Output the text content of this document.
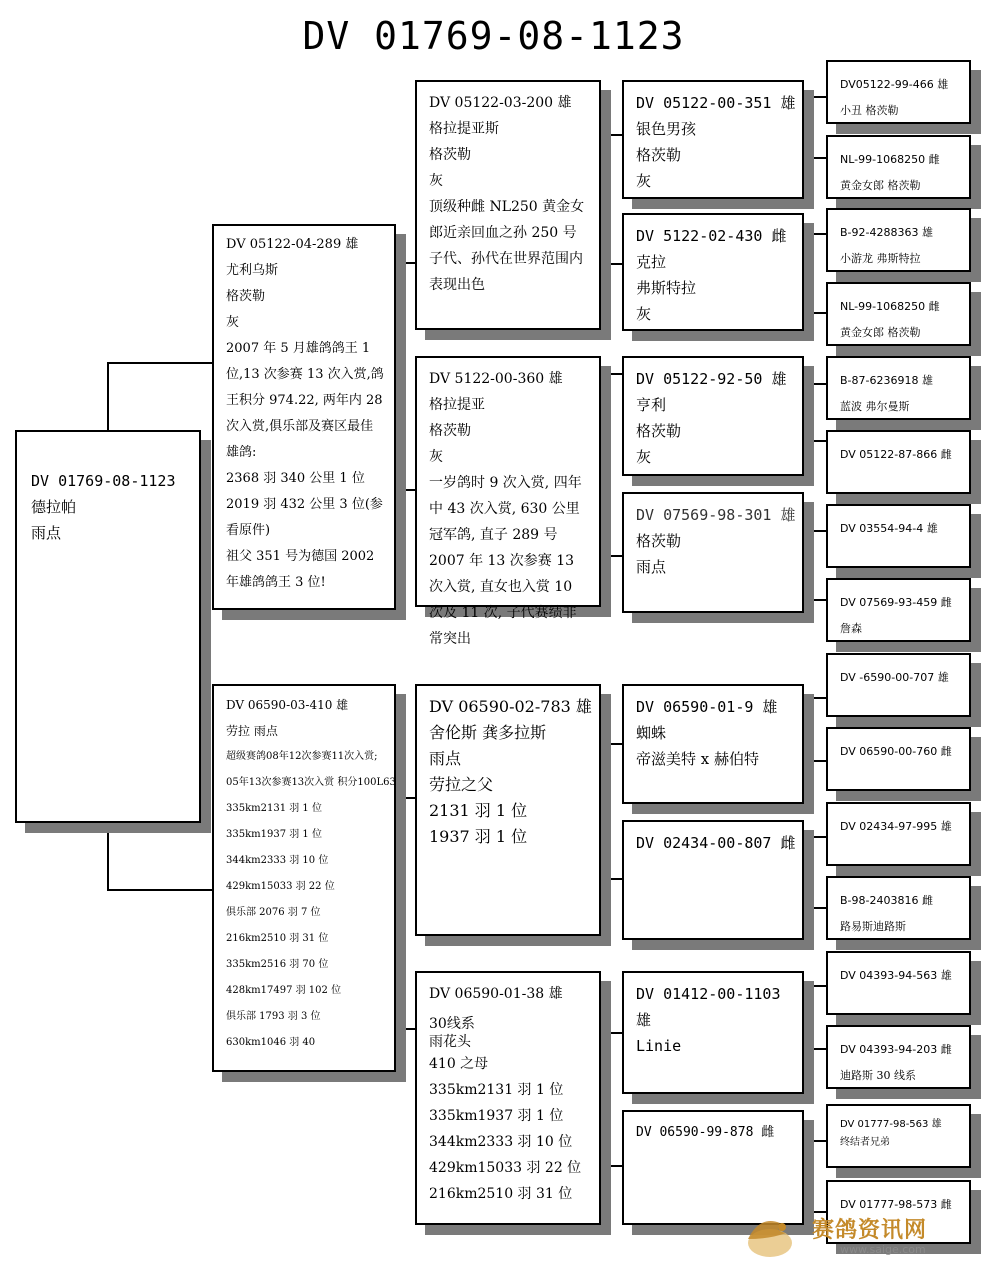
DV 01769-08-1123
DV 01769-08-1123
德拉帕
雨点
DV 05122-04-289 雄
尤利乌斯
格茨勒
灰
2007 年 5 月雄鸽鸽王 1 位,13 次参赛 13 次入赏,鸽王积分 974.22, 两年内 28 次入赏,俱乐部及赛区最佳雄鸽:
2368 羽 340 公里 1 位
2019 羽 432 公里 3 位(参看原件)
祖父 351 号为德国 2002 年雄鸽鸽王 3 位!
DV 06590-03-410 雄
劳拉 雨点
超级赛鸽08年12次参赛11次入赏;
05年13次参赛13次入赏 积分100L63
335km2131 羽 1 位
335km1937 羽 1 位
344km2333 羽 10 位
429km15033 羽 22 位
俱乐部 2076 羽 7 位
216km2510 羽 31 位
335km2516 羽 70 位
428km17497 羽 102 位
俱乐部 1793 羽 3 位
630km1046 羽 40
DV 05122-03-200 雄
格拉提亚斯
格茨勒
灰
顶级种雌 NL250 黄金女郎近亲回血之孙 250 号子代、孙代在世界范围内表现出色
DV 5122-00-360 雄
格拉提亚
格茨勒
灰
一岁鸽时 9 次入赏, 四年中 43 次入赏, 630 公里冠军鸽, 直子 289 号 2007 年 13 次参赛 13 次入赏, 直女也入赏 10 次及 11 次, 子代赛绩非常突出
DV 06590-02-783 雄
舍伦斯 龚多拉斯
雨点
劳拉之父
2131 羽 1 位
1937 羽 1 位
DV 06590-01-38 雄
30线系
雨花头
410 之母
335km2131 羽 1 位
335km1937 羽 1 位
344km2333 羽 10 位
429km15033 羽 22 位
216km2510 羽 31 位
DV 05122-00-351 雄
银色男孩
格茨勒
灰
DV 5122-02-430 雌
克拉
弗斯特拉
灰
DV 05122-92-50 雄
亨利
格茨勒
灰
DV 07569-98-301 雄
格茨勒
雨点
DV 06590-01-9 雄
蜘蛛
帝滋美特 x 赫伯特
DV 02434-00-807 雌
DV 01412-00-1103
雄
Linie
DV 06590-99-878 雌
DV05122-99-466 雄
小丑 格茨勒
NL-99-1068250 雌
黄金女郎 格茨勒
B-92-4288363 雄
小游龙 弗斯特拉
NL-99-1068250 雌
黄金女郎 格茨勒
B-87-6236918 雄
蓝波 弗尔曼斯
DV 05122-87-866 雌
DV 03554-94-4 雄
DV 07569-93-459 雌
詹森
DV -6590-00-707 雄
DV 06590-00-760 雌
DV 02434-97-995 雄
B-98-2403816 雌
路易斯迪路斯
DV 04393-94-563 雄
DV 04393-94-203 雌
迪路斯 30 线系
DV 01777-98-563 雄
终结者兄弟
DV 01777-98-573 雌
赛鸽资讯网
www.saige.com
